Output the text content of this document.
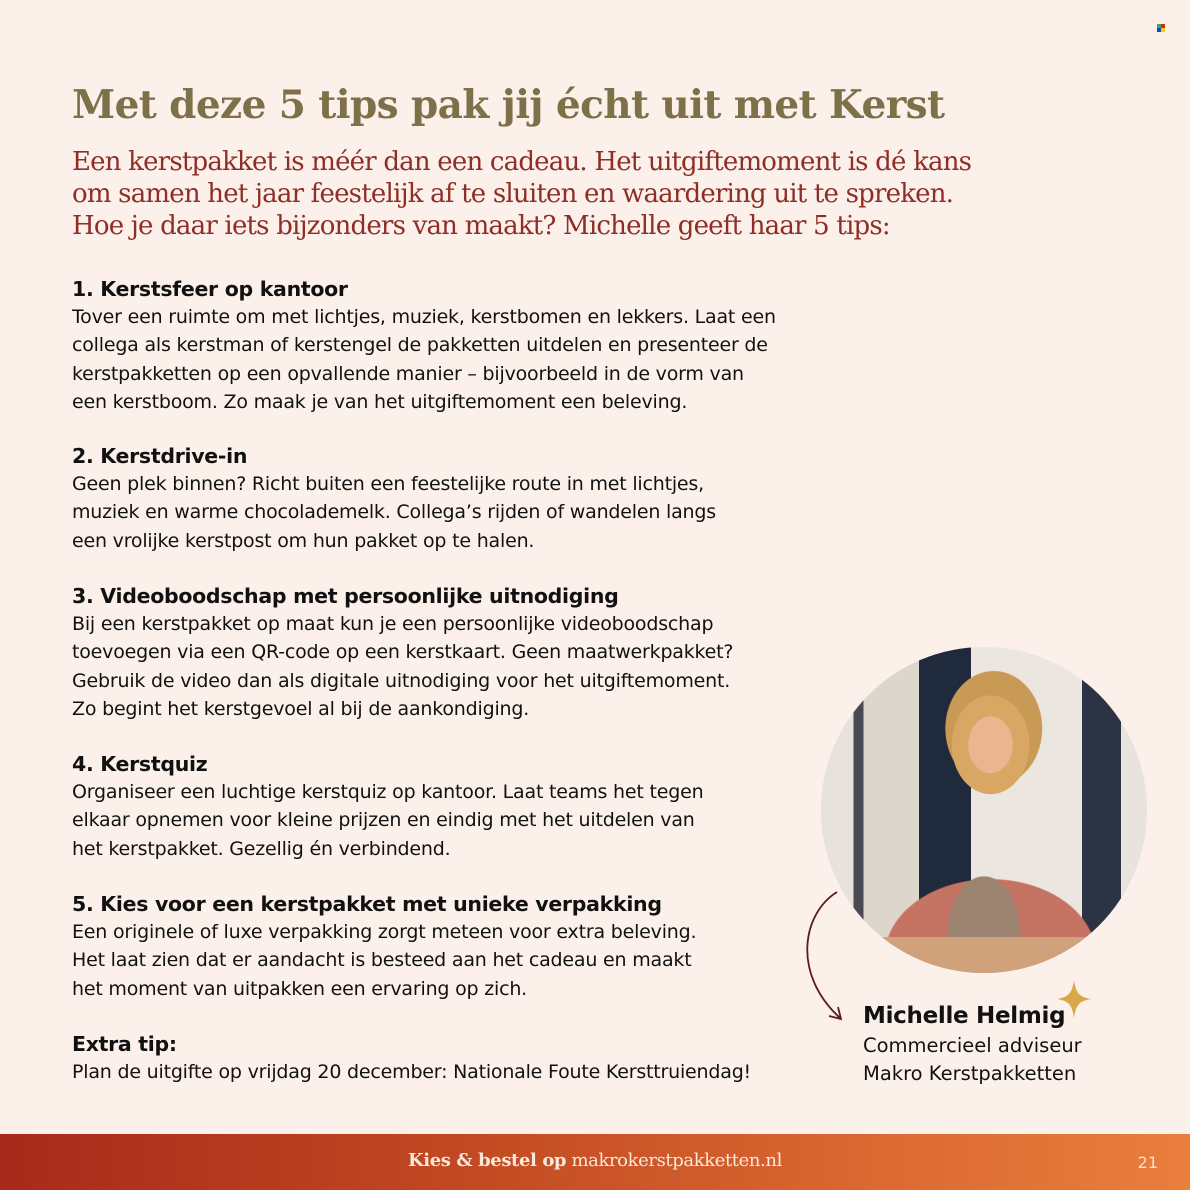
Met deze 5 tips pak jij écht uit met Kerst
Een kerstpakket is méér dan een cadeau. Het uitgiftemoment is dé kans
om samen het jaar feestelijk af te sluiten en waardering uit te spreken.
Hoe je daar iets bijzonders van maakt? Michelle geeft haar 5 tips:
1. Kerstsfeer op kantoor

Tover een ruimte om met lichtjes, muziek, kerstbomen en lekkers. Laat een
collega als kerstman of kerstengel de pakketten uitdelen en presenteer de
kerstpakketten op een opvallende manier – bijvoorbeeld in de vorm van
een kerstboom. Zo maak je van het uitgiftemoment een beleving.

2. Kerstdrive-in

Geen plek binnen? Richt buiten een feestelijke route in met lichtjes,
muziek en warme chocolademelk. Collega’s rijden of wandelen langs
een vrolijke kerstpost om hun pakket op te halen.

3. Videoboodschap met persoonlijke uitnodiging

Bij een kerstpakket op maat kun je een persoonlijke videoboodschap
toevoegen via een QR-code op een kerstkaart. Geen maatwerkpakket?
Gebruik de video dan als digitale uitnodiging voor het uitgiftemoment.
Zo begint het kerstgevoel al bij de aankondiging.

4. Kerstquiz

Organiseer een luchtige kerstquiz op kantoor. Laat teams het tegen
elkaar opnemen voor kleine prijzen en eindig met het uitdelen van
het kerstpakket. Gezellig én verbindend.

5. Kies voor een kerstpakket met unieke verpakking

Een originele of luxe verpakking zorgt meteen voor extra beleving.
Het laat zien dat er aandacht is besteed aan het cadeau en maakt
het moment van uitpakken een ervaring op zich.

Extra tip:

Plan de uitgifte op vrijdag 20 december: Nationale Foute Kersttruiendag!

Michelle Helmig
Commercieel adviseur
Makro Kerstpakketten
Kies & bestel op makrokerstpakketten.nl	21
